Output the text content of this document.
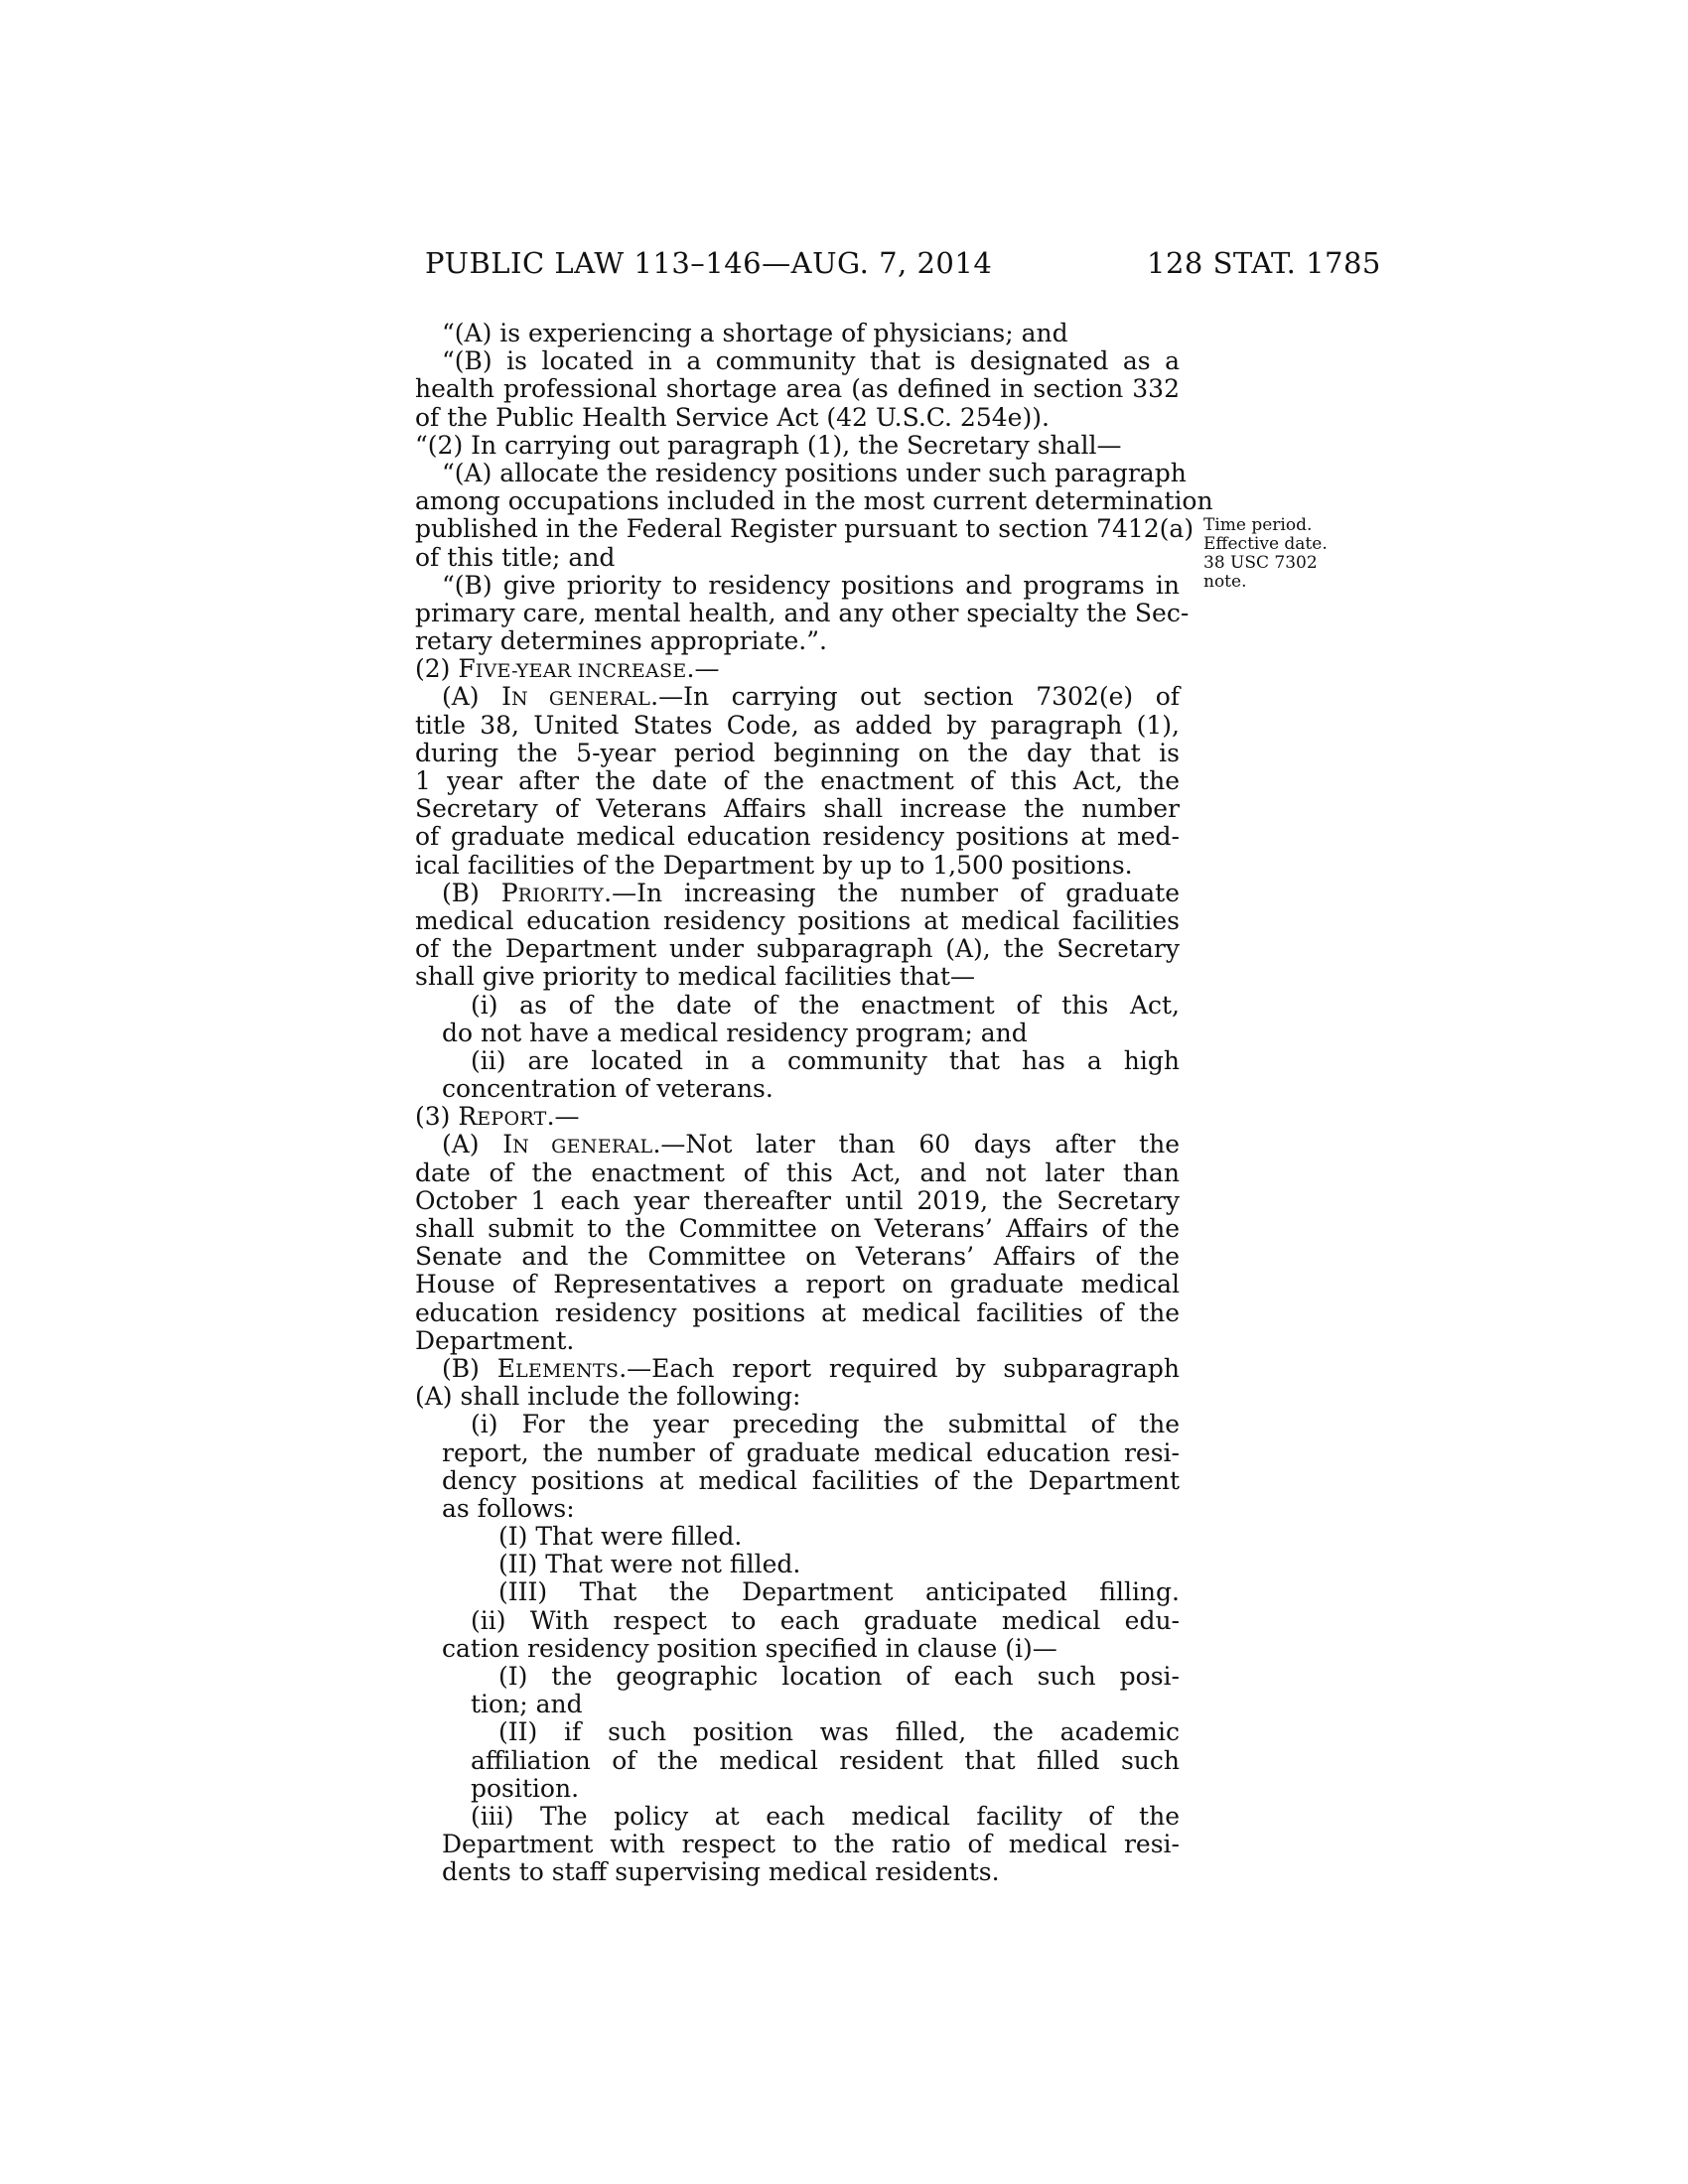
PUBLIC LAW 113–146—AUG. 7, 2014	128 STAT. 1785
“(A) is experiencing a shortage of physicians; and
“(B) is located in a community that is designated as a
health professional shortage area (as defined in section 332
of the Public Health Service Act (42 U.S.C. 254e)).
“(2) In carrying out paragraph (1), the Secretary shall—
“(A) allocate the residency positions under such paragraph
among occupations included in the most current determination
published in the Federal Register pursuant to section 7412(a)
of this title; and
“(B) give priority to residency positions and programs in
primary care, mental health, and any other specialty the Sec-
retary determines appropriate.”.
(2) FIVE-YEAR INCREASE.—
(A) IN GENERAL.—In carrying out section 7302(e) of
title 38, United States Code, as added by paragraph (1),
during the 5-year period beginning on the day that is
1 year after the date of the enactment of this Act, the
Secretary of Veterans Affairs shall increase the number
of graduate medical education residency positions at med-
ical facilities of the Department by up to 1,500 positions.
(B) PRIORITY.—In increasing the number of graduate
medical education residency positions at medical facilities
of the Department under subparagraph (A), the Secretary
shall give priority to medical facilities that—
(i) as of the date of the enactment of this Act,
do not have a medical residency program; and
(ii) are located in a community that has a high
concentration of veterans.
(3) REPORT.—
(A) IN GENERAL.—Not later than 60 days after the
date of the enactment of this Act, and not later than
October 1 each year thereafter until 2019, the Secretary
shall submit to the Committee on Veterans’ Affairs of the
Senate and the Committee on Veterans’ Affairs of the
House of Representatives a report on graduate medical
education residency positions at medical facilities of the
Department.
(B) ELEMENTS.—Each report required by subparagraph
(A) shall include the following:
(i) For the year preceding the submittal of the
report, the number of graduate medical education resi-
dency positions at medical facilities of the Department
as follows:
(I) That were filled.
(II) That were not filled.
(III) That the Department anticipated filling.
(ii) With respect to each graduate medical edu-
cation residency position specified in clause (i)—
(I) the geographic location of each such posi-
tion; and
(II) if such position was filled, the academic
affiliation of the medical resident that filled such
position.
(iii) The policy at each medical facility of the
Department with respect to the ratio of medical resi-
dents to staff supervising medical residents.
Time period.
Effective date.
38 USC 7302
note.
